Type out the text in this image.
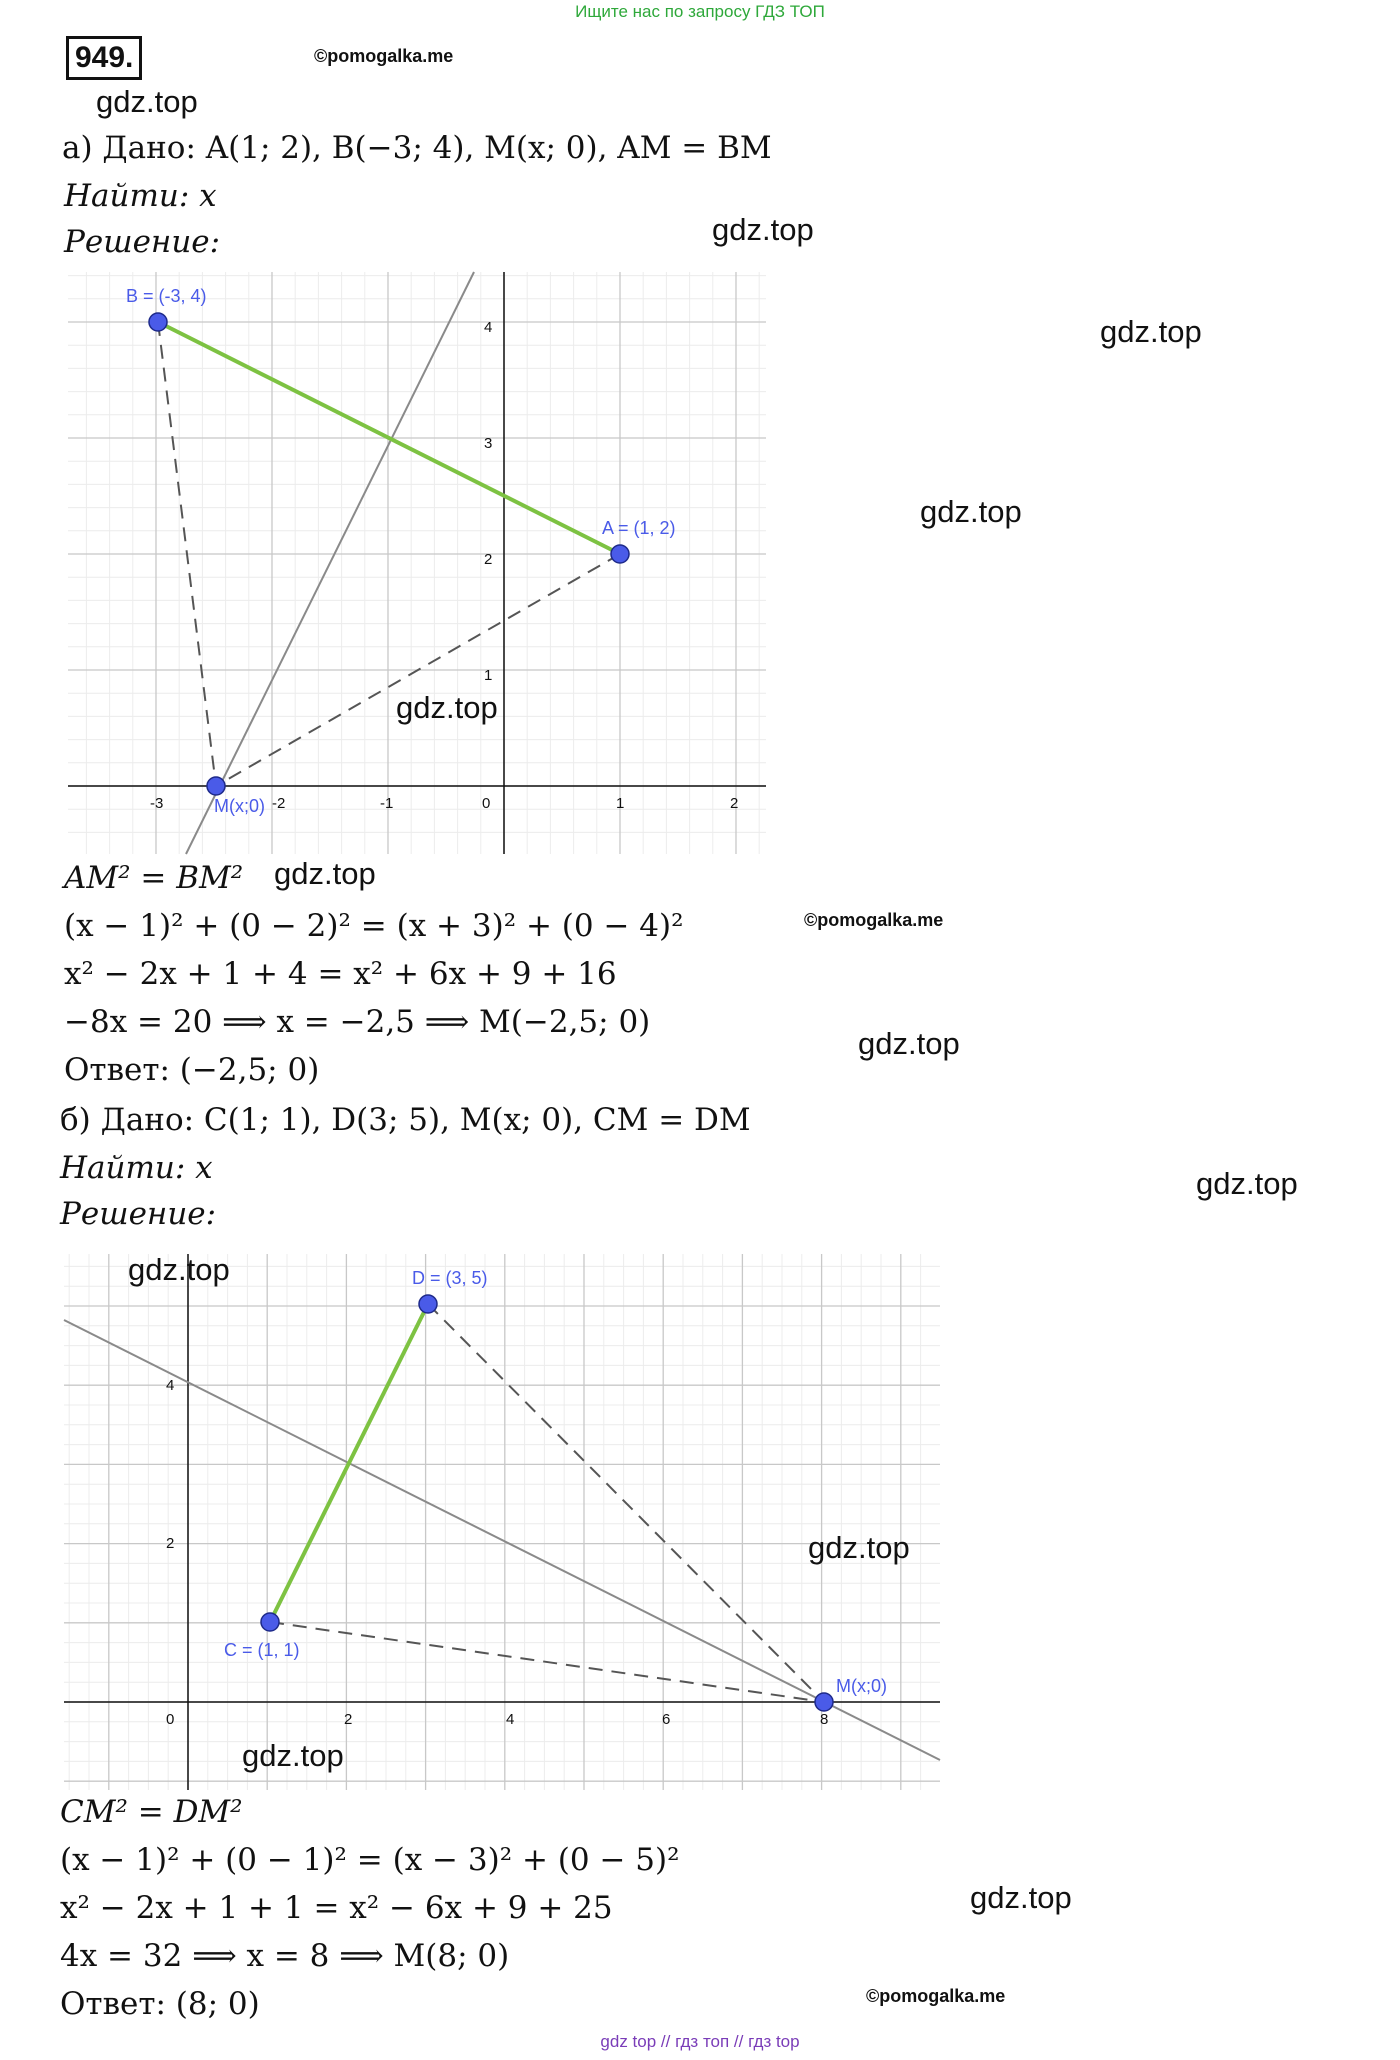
Ищите нас по запросу ГДЗ ТОП
949.	©pomogalka.me
gdz.top
а) Дано: A(1; 2), B(−3; 4), M(x; 0), AM = BM
Найти: x
Решение:	gdz.top
gdz.top
gdz.top
-3	-2	-1	0	1	2
1
2
3
4
B = (-3, 4)
A = (1, 2)
M(x;0)
gdz.top
AM² = BM² gdz.top
(x − 1)² + (0 − 2)² = (x + 3)² + (0 − 4)²	©pomogalka.me
x² − 2x + 1 + 4 = x² + 6x + 9 + 16
−8x = 20 ⟹ x = −2,5 ⟹ M(−2,5; 0)
gdz.top
Ответ: (−2,5; 0)
б) Дано: C(1; 1), D(3; 5), M(x; 0), CM = DM
Найти: x	gdz.top
Решение:
0	2	4	6	8
2
4
D = (3, 5)
C = (1, 1)
M(x;0)
gdz.top
gdz.top
gdz.top
CM² = DM²
(x − 1)² + (0 − 1)² = (x − 3)² + (0 − 5)²
x² − 2x + 1 + 1 = x² − 6x + 9 + 25	gdz.top
4x = 32 ⟹ x = 8 ⟹ M(8; 0)
Ответ: (8; 0)	©pomogalka.me
gdz top // гдз топ // гдз top
